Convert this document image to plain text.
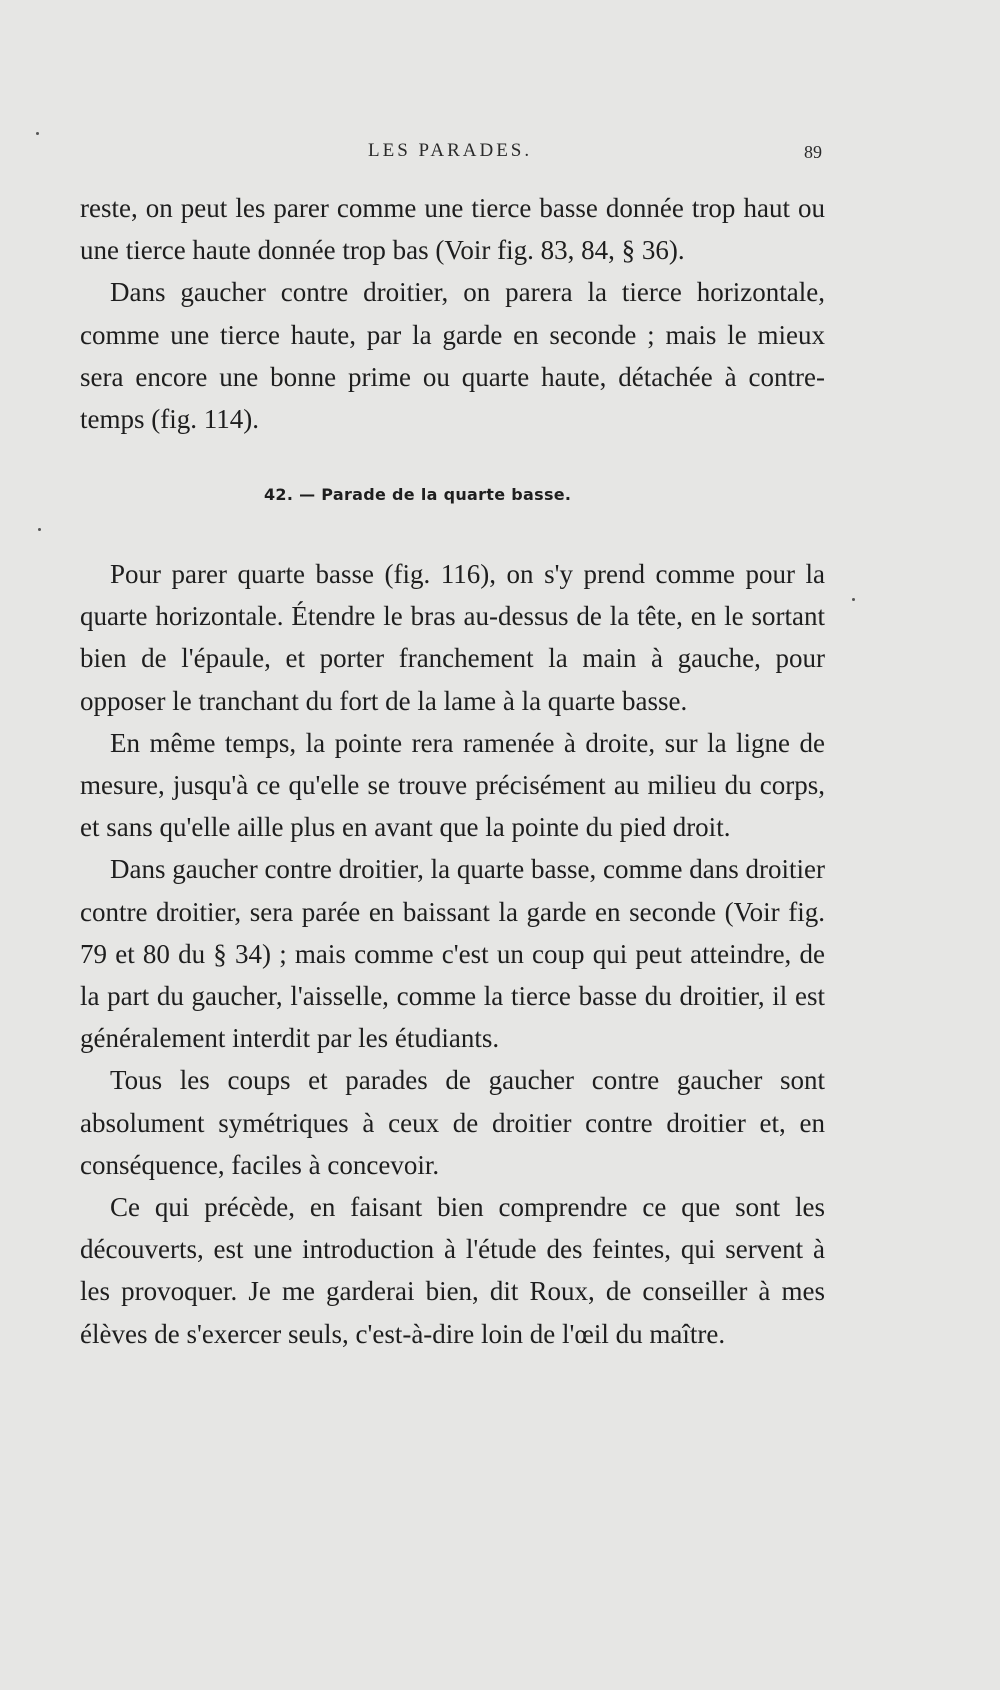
LES PARADES.	89

reste, on peut les parer comme une tierce basse donnée trop haut ou une tierce haute donnée trop bas (Voir fig. 83, 84, § 36).

Dans gaucher contre droitier, on parera la tierce horizontale, comme une tierce haute, par la garde en seconde ; mais le mieux sera encore une bonne prime ou quarte haute, détachée à contre-temps (fig. 114).

42. — Parade de la quarte basse.

Pour parer quarte basse (fig. 116), on s'y prend comme pour la quarte horizontale. Étendre le bras au-dessus de la tête, en le sortant bien de l'épaule, et porter franchement la main à gauche, pour opposer le tranchant du fort de la lame à la quarte basse.

En même temps, la pointe rera ramenée à droite, sur la ligne de mesure, jusqu'à ce qu'elle se trouve précisément au milieu du corps, et sans qu'elle aille plus en avant que la pointe du pied droit.

Dans gaucher contre droitier, la quarte basse, comme dans droitier contre droitier, sera parée en baissant la garde en seconde (Voir fig. 79 et 80 du § 34) ; mais comme c'est un coup qui peut atteindre, de la part du gaucher, l'aisselle, comme la tierce basse du droitier, il est généralement interdit par les étudiants.

Tous les coups et parades de gaucher contre gaucher sont absolument symétriques à ceux de droitier contre droitier et, en conséquence, faciles à concevoir.

Ce qui précède, en faisant bien comprendre ce que sont les découverts, est une introduction à l'étude des feintes, qui servent à les provoquer. Je me garderai bien, dit Roux, de conseiller à mes élèves de s'exercer seuls, c'est-à-dire loin de l'œil du maître.
